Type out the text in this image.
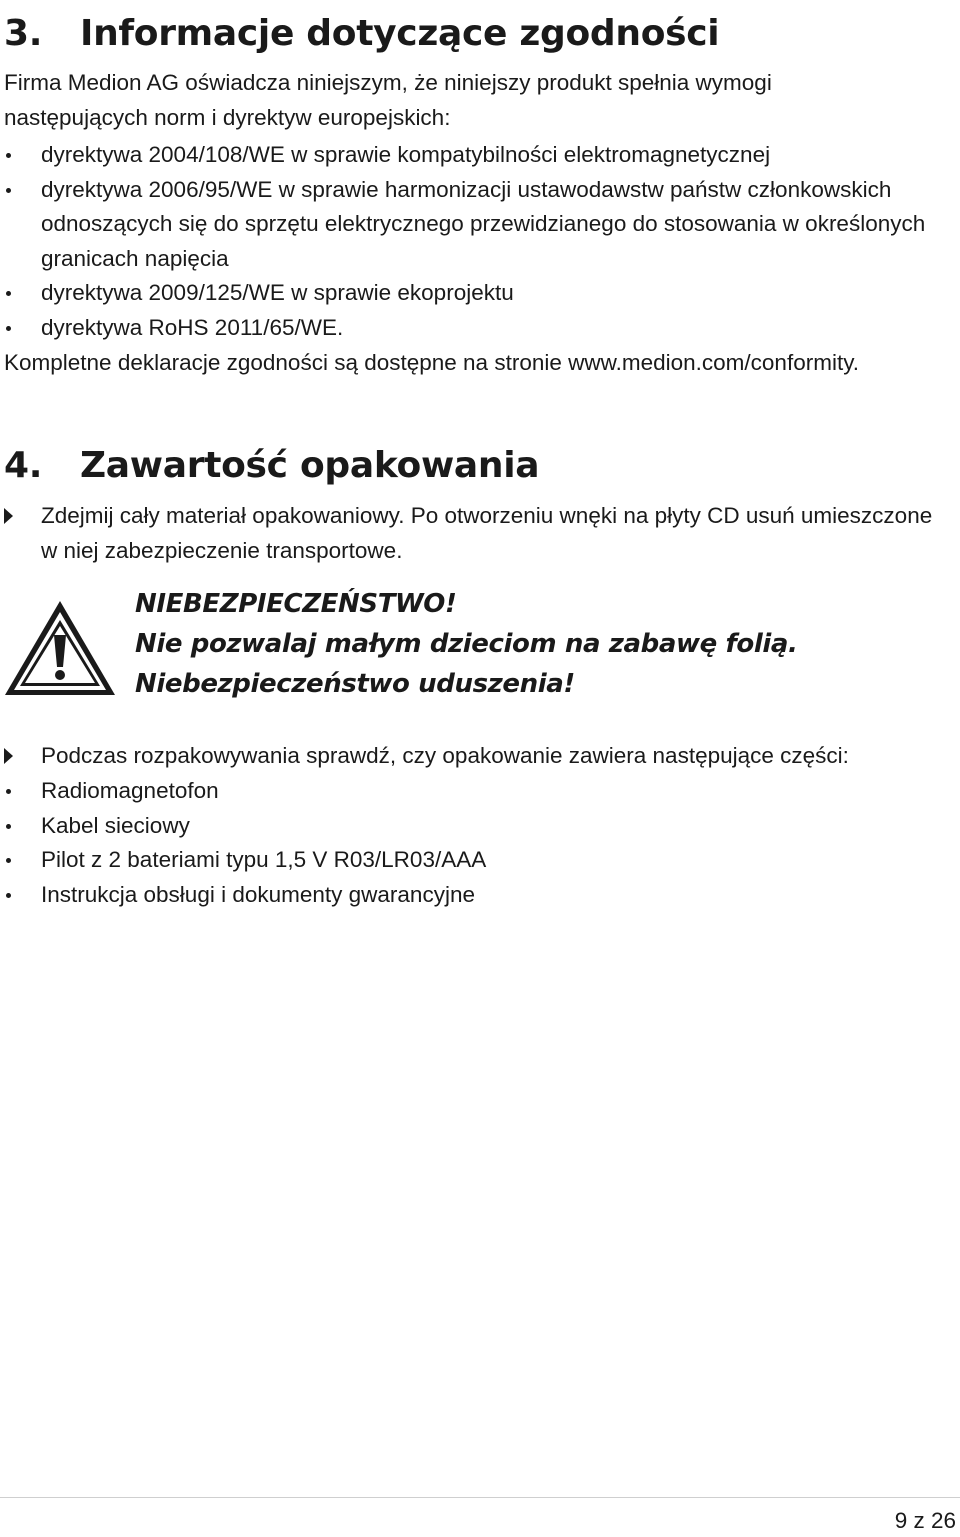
3. Informacje dotyczące zgodności

Firma Medion AG oświadcza niniejszym, że niniejszy produkt spełnia wymogi następujących norm i dyrektyw europejskich:

dyrektywa 2004/108/WE w sprawie kompatybilności elektromagnetycznej
dyrektywa 2006/95/WE w sprawie harmonizacji ustawodawstw państw członkowskich odnoszących się do sprzętu elektrycznego przewidzianego do stosowania w określonych granicach napięcia
dyrektywa 2009/125/WE w sprawie ekoprojektu
dyrektywa RoHS 2011/65/WE.

Kompletne deklaracje zgodności są dostępne na stronie www.medion.com/conformity.

4. Zawartość opakowania
Zdejmij cały materiał opakowaniowy. Po otworzeniu wnęki na płyty CD usuń umieszczone w niej zabezpieczenie transportowe.
NIEBEZPIECZEŃSTWO!
Nie pozwalaj małym dzieciom na zabawę folią. Niebezpieczeństwo uduszenia!
Podczas rozpakowywania sprawdź, czy opakowanie zawiera następujące części:
Radiomagnetofon
Kabel sieciowy
Pilot z 2 bateriami typu 1,5 V R03/LR03/AAA
Instrukcja obsługi i dokumenty gwarancyjne
9 z 26
